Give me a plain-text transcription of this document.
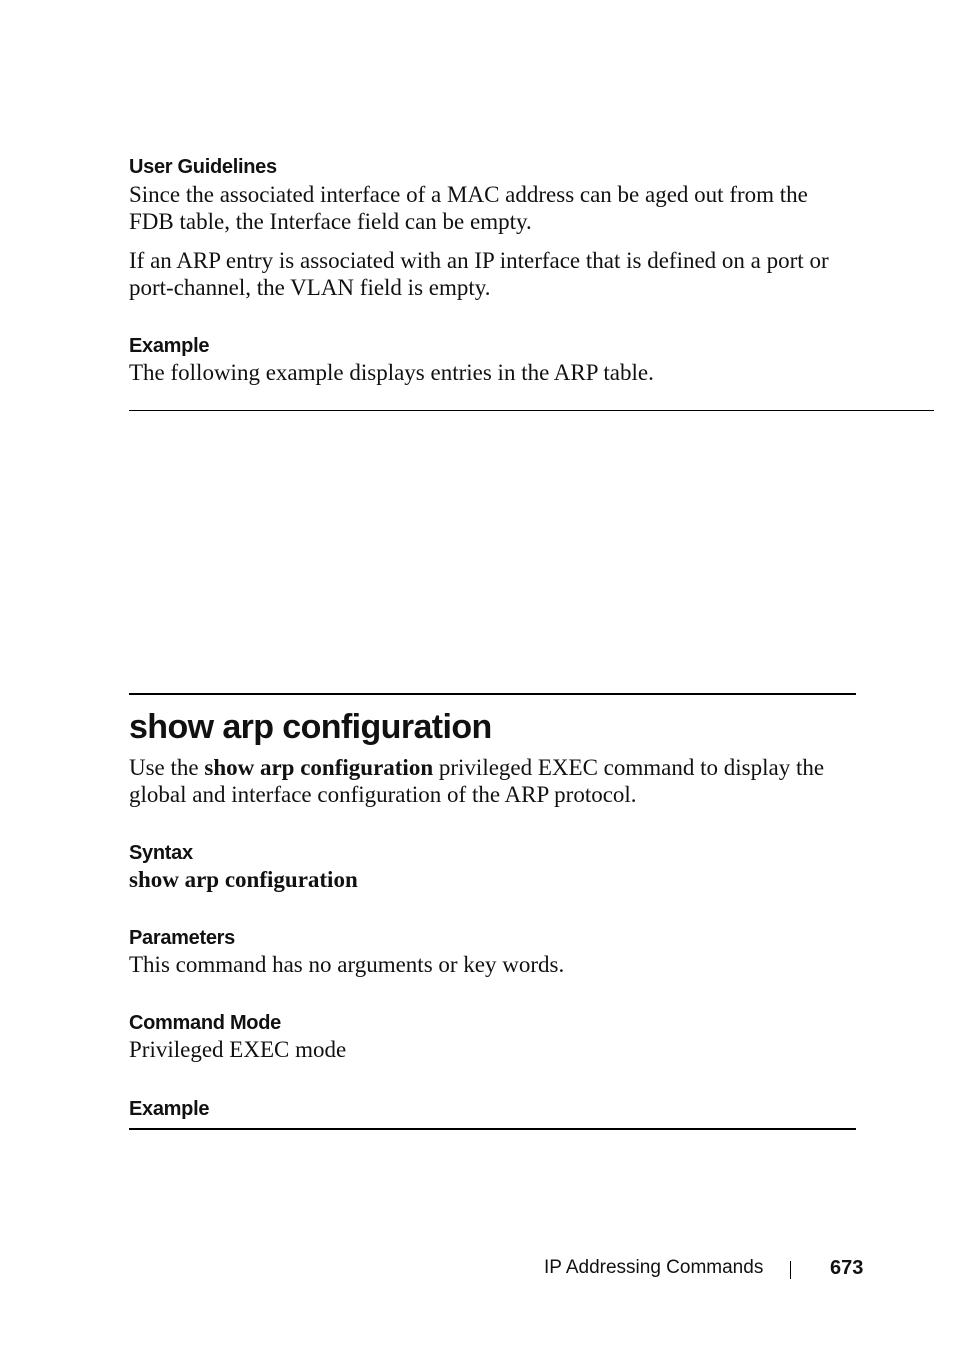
User Guidelines
Since the associated interface of a MAC address can be aged out from the
FDB table, the Interface field can be empty.
If an ARP entry is associated with an IP interface that is defined on a port or
port-channel, the VLAN field is empty.
Example
The following example displays entries in the ARP table.
show arp configuration
Use the show arp configuration privileged EXEC command to display the
global and interface configuration of the ARP protocol.
Syntax
show arp configuration
Parameters
This command has no arguments or key words.
Command Mode
Privileged EXEC mode
Example
IP Addressing Commands	673
